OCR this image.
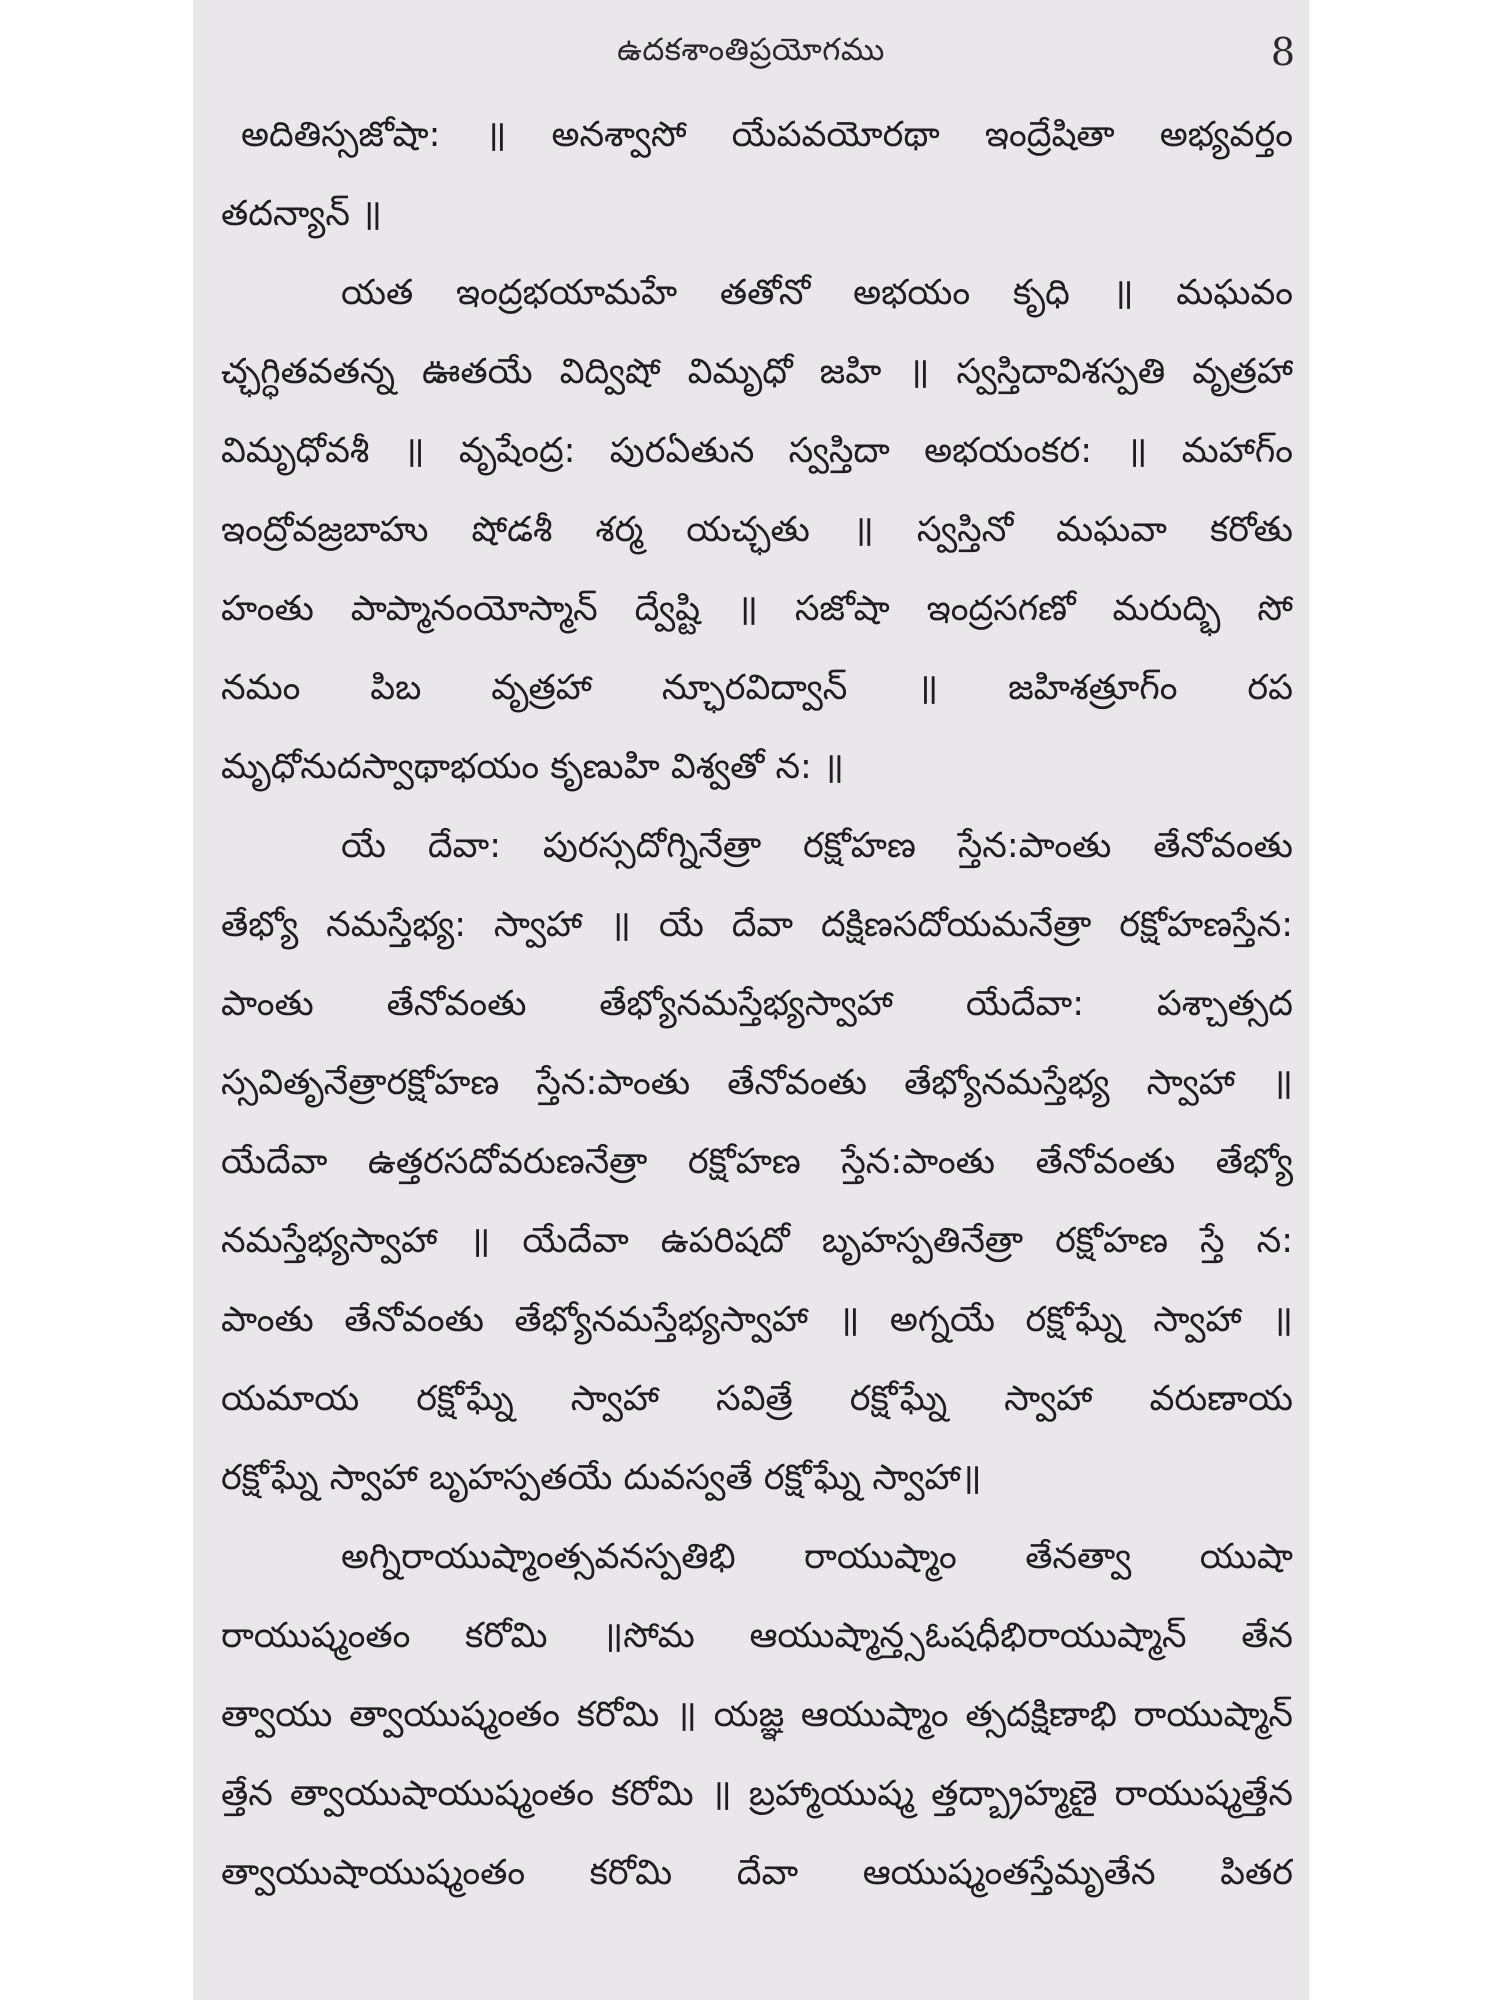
ఉదకశాంతిప్రయోగము	8
అదితిస్సజోషా: ॥ అనశ్వాసో యేపవయోరథా ఇంద్రేషితా అభ్యవర్తం
తదన్యాన్ ॥
యత ఇంద్రభయామహే తతోనో అభయం కృధి ॥ మఘవం
చ్ఛగ్ధితవతన్న ఊతయే విద్విషో విమృధో జహి ॥ స్వస్తిదావిశస్పతి వృత్రహా
విమృధోవశీ ॥ వృషేంద్ర: పురఏతున స్వస్తిదా అభయంకర: ॥ మహాగ్ం
ఇంద్రోవజ్రబాహు షోడశీ శర్మ యచ్ఛతు ॥ స్వస్తినో మఘవా కరోతు
హంతు పాప్మానంయోస్మాన్ ద్వేష్టి ॥ సజోషా ఇంద్రసగణో మరుద్భి సో
నమం పిబ వృత్రహా న్ఛూరవిద్వాన్ ॥ జహిశత్రూగ్ం రప
మృధోనుదస్వాథాభయం కృణుహి విశ్వతో న: ॥
యే దేవా: పురస్సదోగ్నినేత్రా రక్షోహణ స్తేన:పాంతు తేనోవంతు
తేభ్యో నమస్తేభ్య: స్వాహా ॥ యే దేవా దక్షిణసదోయమనేత్రా రక్షోహణస్తేన:
పాంతు తేనోవంతు తేభ్యోనమస్తేభ్యస్వాహా యేదేవా: పశ్చాత్సద
స్సవితృనేత్రారక్షోహణ స్తేన:పాంతు తేనోవంతు తేభ్యోనమస్తేభ్య స్వాహా ॥
యేదేవా ఉత్తరసదోవరుణనేత్రా రక్షోహణ స్తేన:పాంతు తేనోవంతు తేభ్యో
నమస్తేభ్యస్వాహా ॥ యేదేవా ఉపరిషదో బృహస్పతినేత్రా రక్షోహణ స్తే న:
పాంతు తేనోవంతు తేభ్యోనమస్తేభ్యస్వాహా ॥ అగ్నయే రక్షోఘ్నే స్వాహా ॥
యమాయ రక్షోఘ్నే స్వాహా సవిత్రే రక్షోఘ్నే స్వాహా వరుణాయ
రక్షోఘ్నే స్వాహా బృహస్పతయే దువస్వతే రక్షోఘ్నే స్వాహా॥
అగ్నిరాయుష్మాంత్సవనస్పతిభి రాయుష్మాం తేనత్వా యుషా
రాయుష్మంతం కరోమి ॥సోమ ఆయుష్మాన్త్సఓషధీభిరాయుష్మాన్ తేన
త్వాయు త్వాయుష్మంతం కరోమి ॥ యజ్ఞ ఆయుష్మాం త్సదక్షిణాభి రాయుష్మాన్
త్తేన త్వాయుషాయుష్మంతం కరోమి ॥ బ్రహ్మాయుష్మ త్తద్బ్రాహ్మణై రాయుష్మత్తేన
త్వాయుషాయుష్మంతం కరోమి దేవా ఆయుష్మంతస్తేమృతేన పితర
